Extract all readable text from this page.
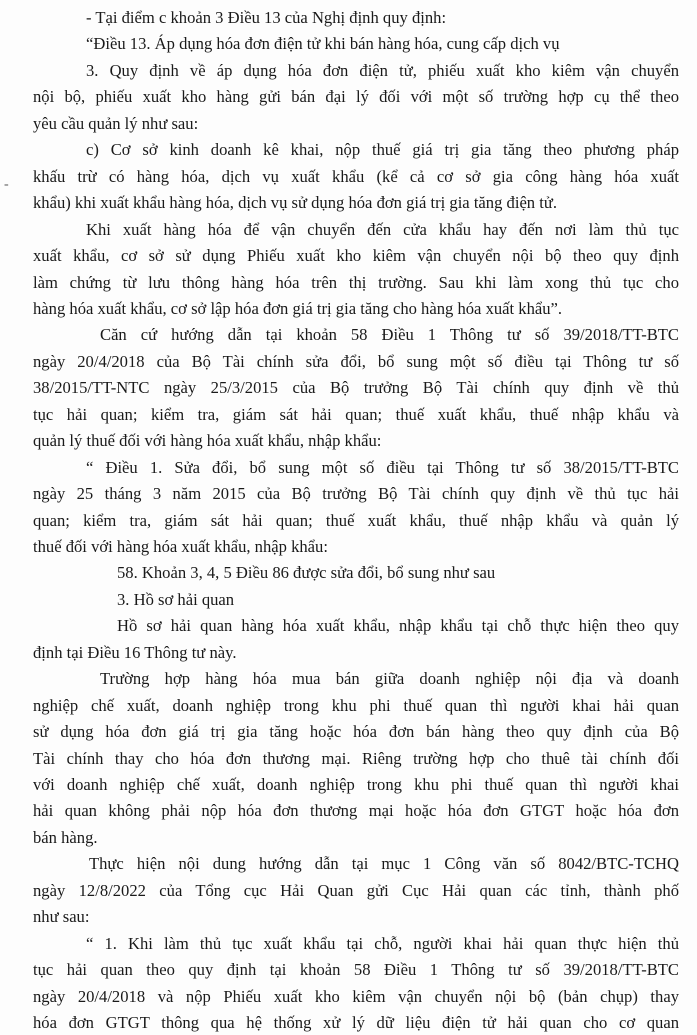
-
- Tại điểm c khoản 3 Điều 13 của Nghị định quy định:
“Điều 13. Áp dụng hóa đơn điện tử khi bán hàng hóa, cung cấp dịch vụ
3. Quy định về áp dụng hóa đơn điện tử, phiếu xuất kho kiêm vận chuyển
nội bộ, phiếu xuất kho hàng gửi bán đại lý đối với một số trường hợp cụ thể theo
yêu cầu quản lý như sau:
c) Cơ sở kinh doanh kê khai, nộp thuế giá trị gia tăng theo phương pháp
khấu trừ có hàng hóa, dịch vụ xuất khẩu (kể cả cơ sở gia công hàng hóa xuất
khẩu) khi xuất khẩu hàng hóa, dịch vụ sử dụng hóa đơn giá trị gia tăng điện tử.
Khi xuất hàng hóa để vận chuyển đến cửa khẩu hay đến nơi làm thủ tục
xuất khẩu, cơ sở sử dụng Phiếu xuất kho kiêm vận chuyển nội bộ theo quy định
làm chứng từ lưu thông hàng hóa trên thị trường. Sau khi làm xong thủ tục cho
hàng hóa xuất khẩu, cơ sở lập hóa đơn giá trị gia tăng cho hàng hóa xuất khẩu”.
Căn cứ hướng dẫn tại khoản 58 Điều 1 Thông tư số 39/2018/TT-BTC
ngày 20/4/2018 của Bộ Tài chính sửa đổi, bổ sung một số điều tại Thông tư số
38/2015/TT-NTC ngày 25/3/2015 của Bộ trưởng Bộ Tài chính quy định về thủ
tục hải quan; kiểm tra, giám sát hải quan; thuế xuất khẩu, thuế nhập khẩu và
quản lý thuế đối với hàng hóa xuất khẩu, nhập khẩu:
“ Điều 1. Sửa đổi, bổ sung một số điều tại Thông tư số 38/2015/TT-BTC
ngày 25 tháng 3 năm 2015 của Bộ trưởng Bộ Tài chính quy định về thủ tục hải
quan; kiểm tra, giám sát hải quan; thuế xuất khẩu, thuế nhập khẩu và quản lý
thuế đối với hàng hóa xuất khẩu, nhập khẩu:
58. Khoản 3, 4, 5 Điều 86 được sửa đổi, bổ sung như sau
3. Hồ sơ hải quan
Hồ sơ hải quan hàng hóa xuất khẩu, nhập khẩu tại chỗ thực hiện theo quy
định tại Điều 16 Thông tư này.
Trường hợp hàng hóa mua bán giữa doanh nghiệp nội địa và doanh
nghiệp chế xuất, doanh nghiệp trong khu phi thuế quan thì người khai hải quan
sử dụng hóa đơn giá trị gia tăng hoặc hóa đơn bán hàng theo quy định của Bộ
Tài chính thay cho hóa đơn thương mại. Riêng trường hợp cho thuê tài chính đối
với doanh nghiệp chế xuất, doanh nghiệp trong khu phi thuế quan thì người khai
hải quan không phải nộp hóa đơn thương mại hoặc hóa đơn GTGT hoặc hóa đơn
bán hàng.
Thực hiện nội dung hướng dẫn tại mục 1 Công văn số 8042/BTC-TCHQ
ngày 12/8/2022 của Tổng cục Hải Quan gửi Cục Hải quan các tỉnh, thành phố
như sau:
“ 1. Khi làm thủ tục xuất khẩu tại chỗ, người khai hải quan thực hiện thủ
tục hải quan theo quy định tại khoản 58 Điều 1 Thông tư số 39/2018/TT-BTC
ngày 20/4/2018 và nộp Phiếu xuất kho kiêm vận chuyển nội bộ (bản chụp) thay
hóa đơn GTGT thông qua hệ thống xử lý dữ liệu điện tử hải quan cho cơ quan
